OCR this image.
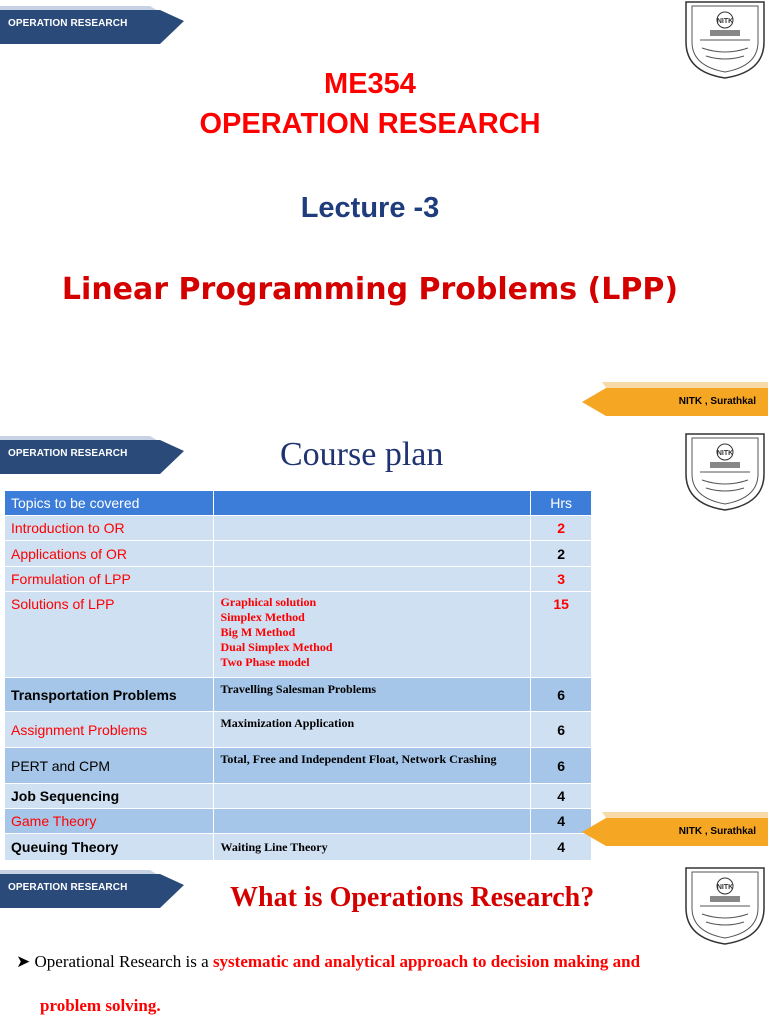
OPERATION RESEARCH	NITK
ME354
OPERATION RESEARCH
Lecture -3
Linear Programming Problems (LPP)
NITK , Surathkal
OPERATION RESEARCH	NITK
Course plan
Topics to be covered		Hrs
Introduction to OR		2
Applications of OR		2
Formulation of LPP		3
Solutions of LPP	Graphical solution
Simplex Method
Big M Method
Dual Simplex Method
Two Phase model	15
Transportation Problems	Travelling Salesman Problems	6
Assignment Problems	Maximization Application	6
PERT and CPM	Total, Free and Independent Float, Network Crashing	6
Job Sequencing		4
Game Theory		4
Queuing Theory	Waiting Line Theory	4
NITK , Surathkal
OPERATION RESEARCH	NITK
What is Operations Research?
➤ Operational Research is a systematic and analytical approach to decision making and
problem solving.
